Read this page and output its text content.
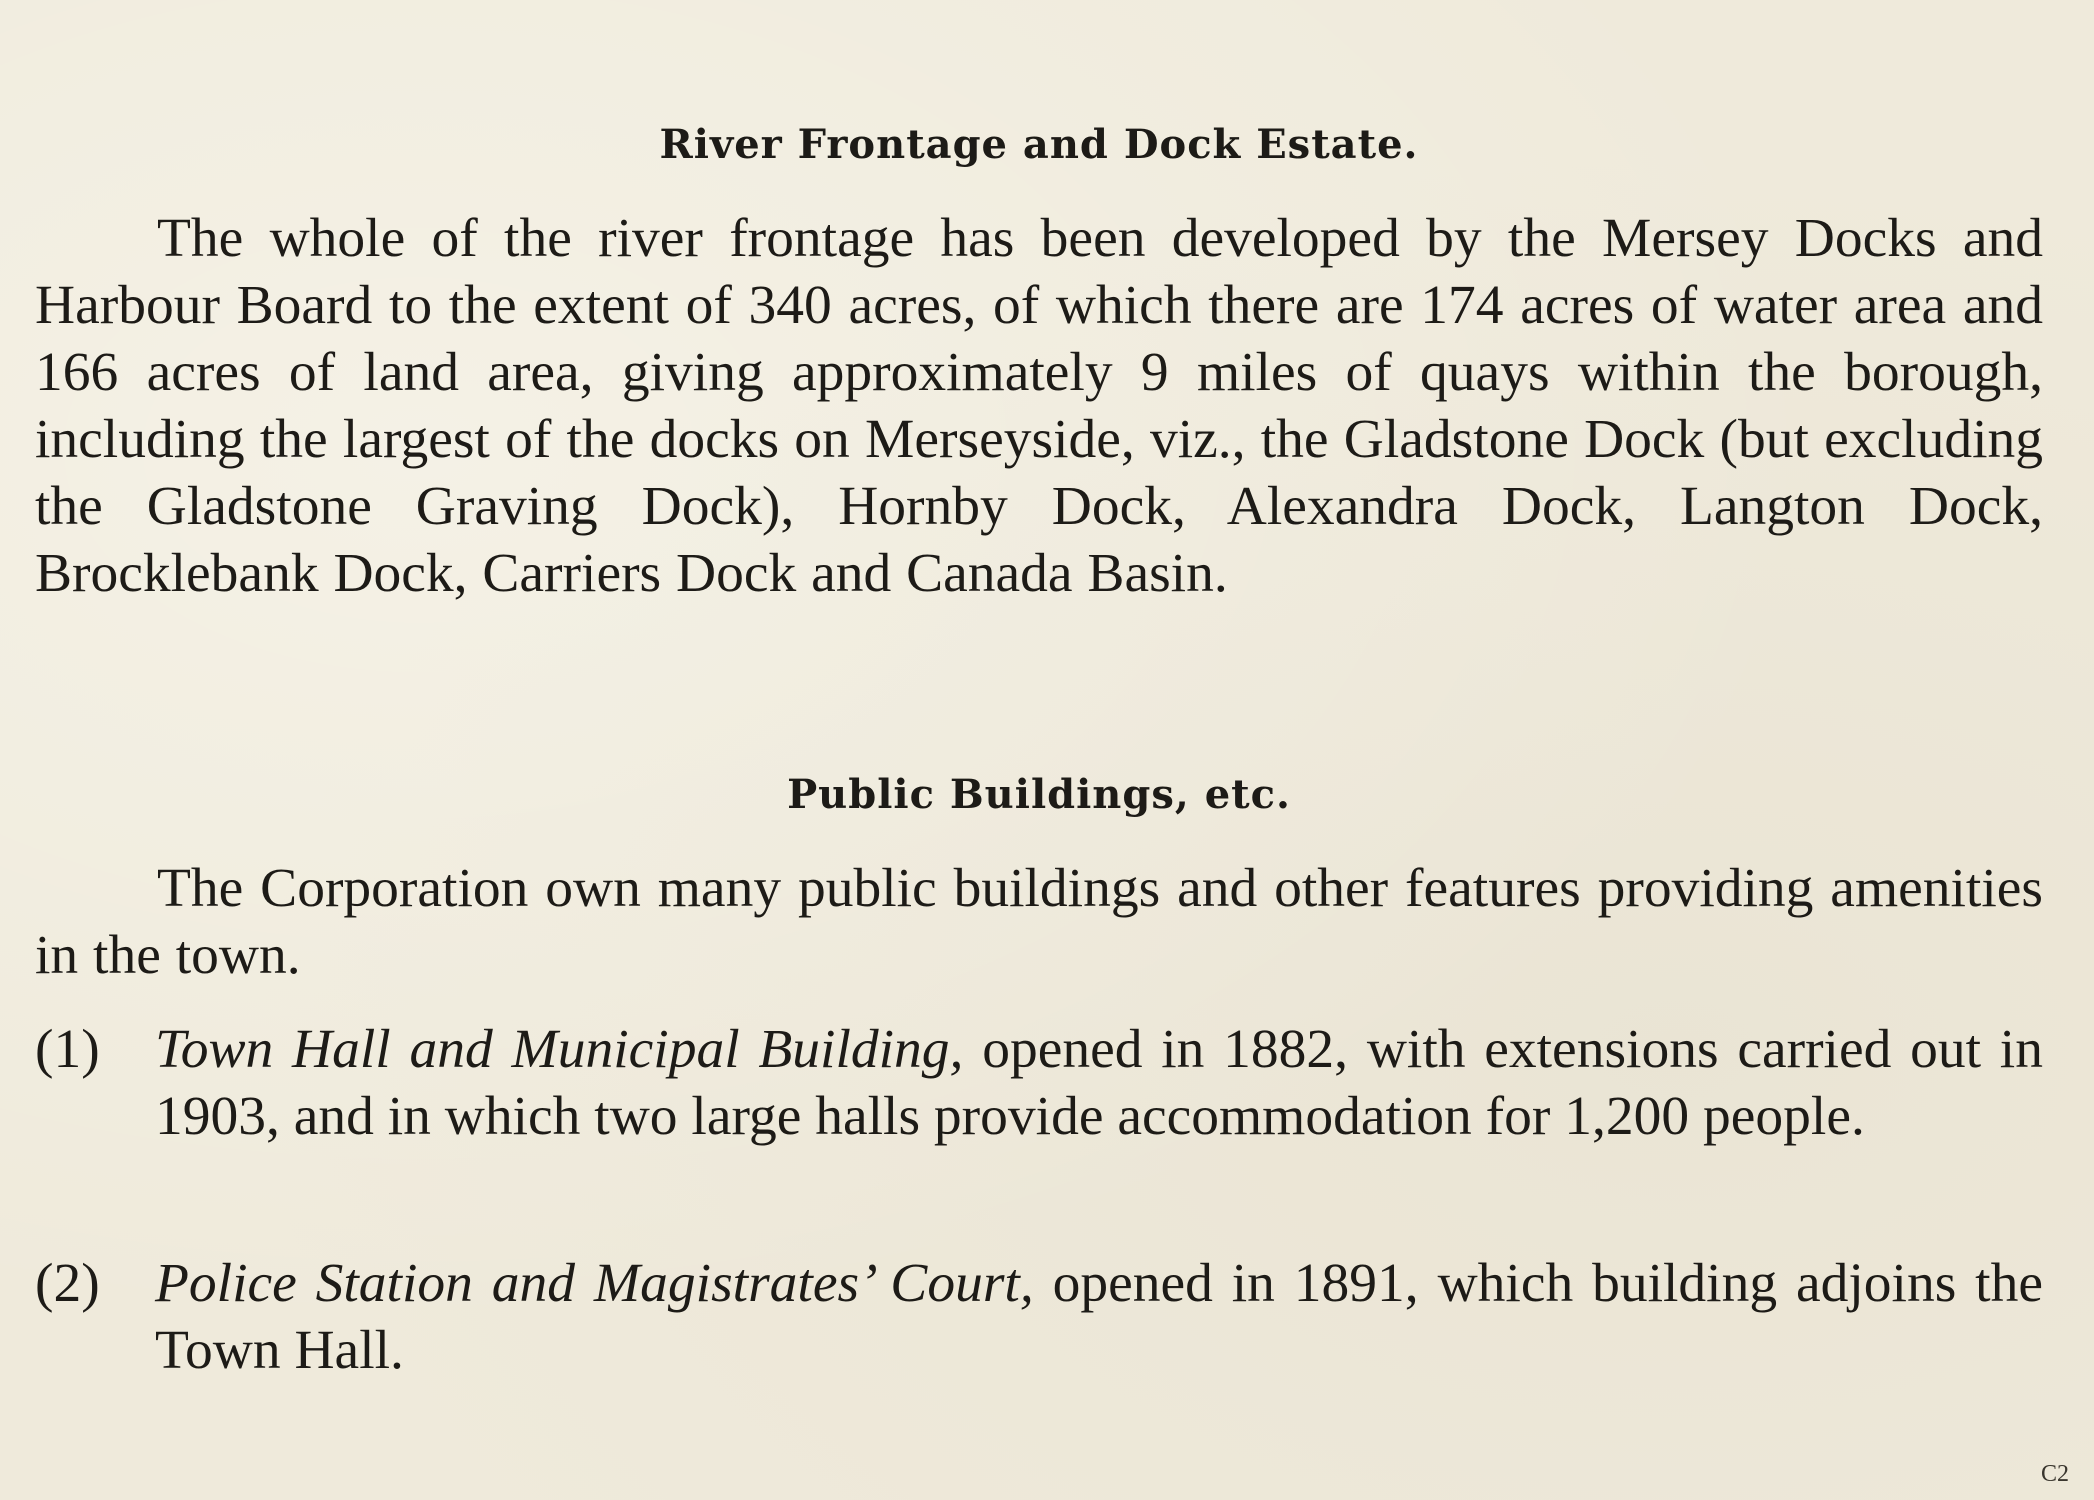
River Frontage and Dock Estate.

The whole of the river frontage has been developed by the Mersey Docks and Harbour Board to the extent of 340 acres, of which there are 174 acres of water area and 166 acres of land area, giving approximately 9 miles of quays within the borough, including the largest of the docks on Merseyside, viz., the Gladstone Dock (but excluding the Gladstone Graving Dock), Hornby Dock, Alexandra Dock, Langton Dock, Brocklebank Dock, Carriers Dock and Canada Basin.

Public Buildings, etc.

The Corporation own many public buildings and other features providing amenities in the town.

(1) Town Hall and Municipal Building, opened in 1882, with extensions carried out in 1903, and in which two large halls provide accommodation for 1,200 people.
(2) Police Station and Magistrates’ Court, opened in 1891, which building adjoins the Town Hall.
C2
